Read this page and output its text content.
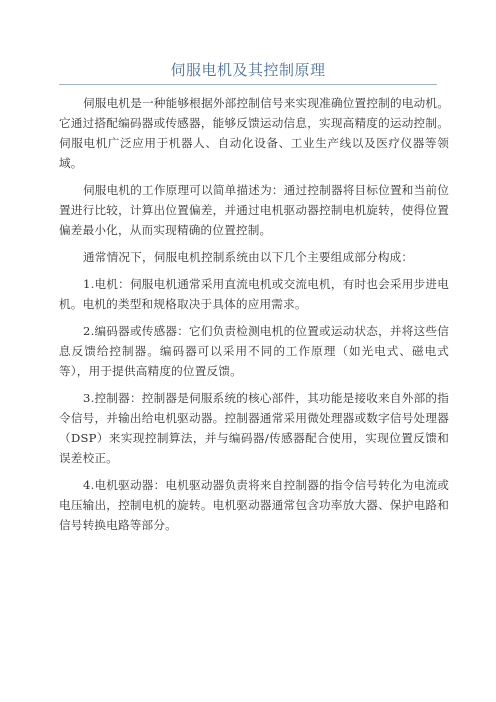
伺服电机及其控制原理

伺服电机是一种能够根据外部控制信号来实现准确位置控制的电动机。它通过搭配编码器或传感器，能够反馈运动信息，实现高精度的运动控制。伺服电机广泛应用于机器人、自动化设备、工业生产线以及医疗仪器等领域。

伺服电机的工作原理可以简单描述为：通过控制器将目标位置和当前位置进行比较，计算出位置偏差，并通过电机驱动器控制电机旋转，使得位置偏差最小化，从而实现精确的位置控制。

通常情况下，伺服电机控制系统由以下几个主要组成部分构成：

1.电机：伺服电机通常采用直流电机或交流电机，有时也会采用步进电机。电机的类型和规格取决于具体的应用需求。

2.编码器或传感器：它们负责检测电机的位置或运动状态，并将这些信息反馈给控制器。编码器可以采用不同的工作原理（如光电式、磁电式等），用于提供高精度的位置反馈。

3.控制器：控制器是伺服系统的核心部件，其功能是接收来自外部的指令信号，并输出给电机驱动器。控制器通常采用微处理器或数字信号处理器（DSP）来实现控制算法，并与编码器/传感器配合使用，实现位置反馈和误差校正。

4.电机驱动器：电机驱动器负责将来自控制器的指令信号转化为电流或电压输出，控制电机的旋转。电机驱动器通常包含功率放大器、保护电路和信号转换电路等部分。
